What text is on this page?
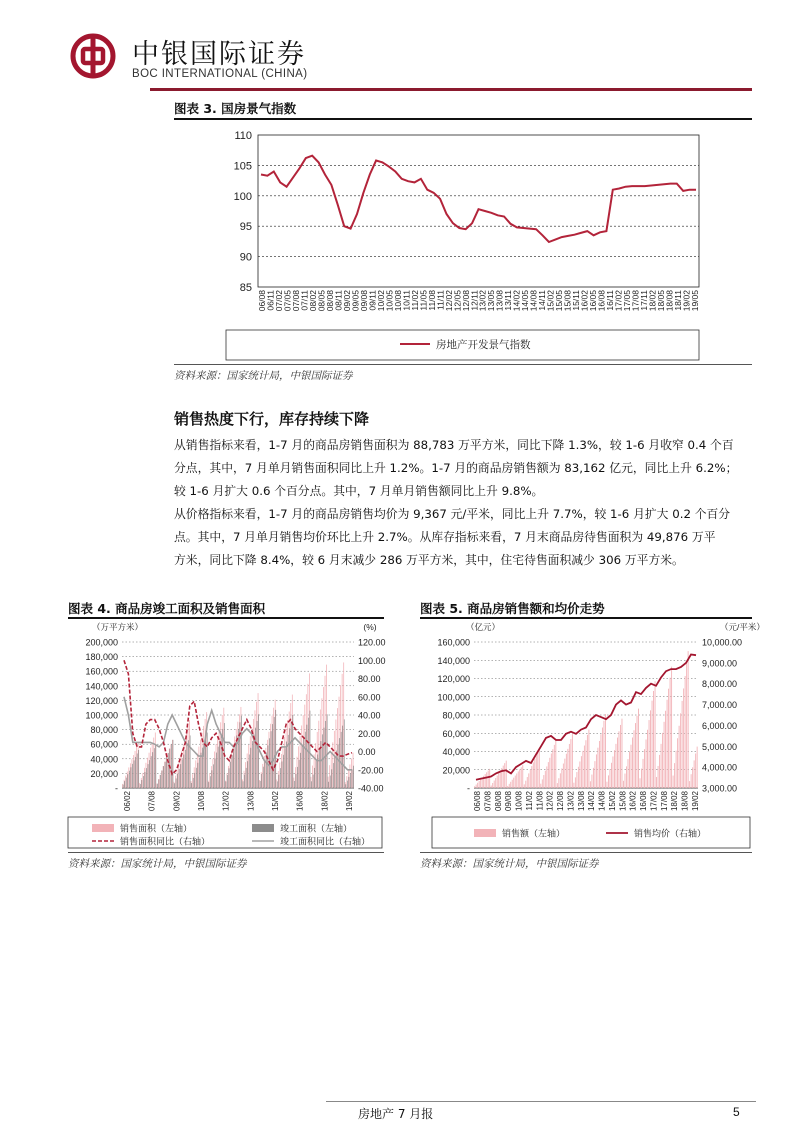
中银国际证券
BOC INTERNATIONAL (CHINA)
图表 3. 国房景气指数
110
105
100
95
90
85
06/08
06/11
07/02
07/05
07/08
07/11
08/02
08/05
08/08
08/11
09/02
09/05
09/08
09/11
10/02
10/05
10/08
10/11
11/02
11/05
11/08
11/11
12/02
12/05
12/08
12/11
13/02
13/05
13/08
13/11
14/02
14/05
14/08
14/11
15/02
15/05
15/08
15/11
16/02
16/05
16/08
16/11
17/02
17/05
17/08
17/11
18/02
18/05
18/08
18/11
19/02
19/05
房地产开发景气指数
资料来源：国家统计局，中银国际证券
销售热度下行，库存持续下降
从销售指标来看，1-7 月的商品房销售面积为 88,783 万平方米，同比下降 1.3%，较 1-6 月收窄 0.4 个百
分点，其中，7 月单月销售面积同比上升 1.2%。1-7 月的商品房销售额为 83,162 亿元，同比上升 6.2%；
较 1-6 月扩大 0.6 个百分点。其中，7 月单月销售额同比上升 9.8%。
从价格指标来看，1-7 月的商品房销售均价为 9,367 元/平米，同比上升 7.7%，较 1-6 月扩大 0.2 个百分
点。其中，7 月单月销售均价环比上升 2.7%。从库存指标来看，7 月末商品房待售面积为 49,876 万平
方米，同比下降 8.4%，较 6 月末减少 286 万平方米，其中，住宅待售面积减少 306 万平方米。
图表 4. 商品房竣工面积及销售面积
（万平方米）	(%)
200,000
180,000
160,000
140,000
120,000
100,000
80,000
60,000
40,000
20,000
-
120.00
100.00
80.00
60.00
40.00
20.00
0.00
-20.00
-40.00
06/02 07/08 09/02 10/08 12/02 13/08 15/02 16/08 18/02 19/02
销售面积（左轴）	竣工面积（左轴）
销售面积同比（右轴）	竣工面积同比（右轴）
资料来源：国家统计局，中银国际证券
图表 5. 商品房销售额和均价走势
（亿元）	（元/平米）
160,000
140,000
120,000
100,000
80,000
60,000
40,000
20,000
-
10,000.00
9,000.00
8,000.00
7,000.00
6,000.00
5,000.00
4,000.00
3,000.00
06/08 07/08 08/08 09/08 10/08 11/02 11/08 12/02 12/08 13/02 13/08 14/02 14/08 15/02 15/08 16/02 16/08 17/02 17/08 18/02 18/08 19/02
销售额（左轴）	销售均价（右轴）
资料来源：国家统计局，中银国际证券
房地产 7 月报	5
